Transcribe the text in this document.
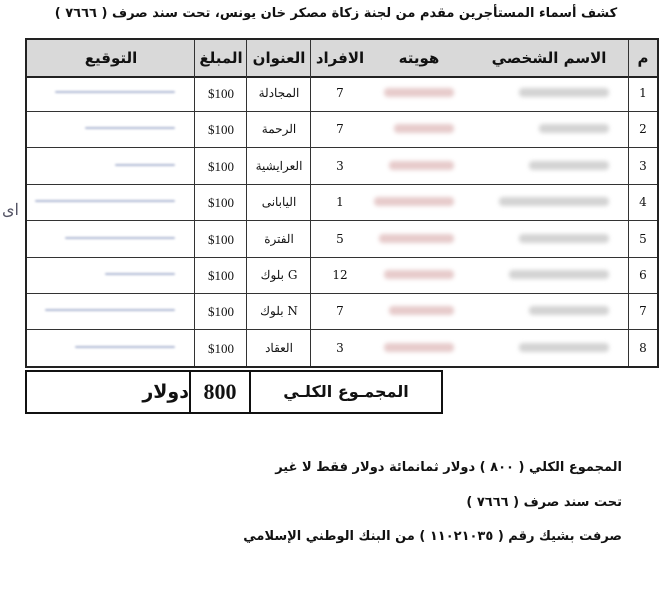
كشف أسماء المستأجرين مقدم من لجنة زكاة مصكر خان يونس، تحت سند صرف ( ٧٦٦٦ )
م
الاسم الشخصي
هويته
الافراد
العنوان
المبلغ
التوقيع
1
7
المجادلة
$100
2
7
الرحمة
$100
3
3
العرايشية
$100
4
1
اليابانى
$100
5
5
الفترة
$100
6
12
G بلوك
$100
7
7
N بلوك
$100
8
3
العقاد
$100
المجمـوع الكلـي
800
دولار
المجموع الكلي ( ٨٠٠ ) دولار ثمانمائة دولار فقط لا غير
تحت سند صرف ( ٧٦٦٦ )
صرفت بشيك رقم ( ١١٠٢١٠٣٥ ) من البنك الوطني الإسلامي
اى
